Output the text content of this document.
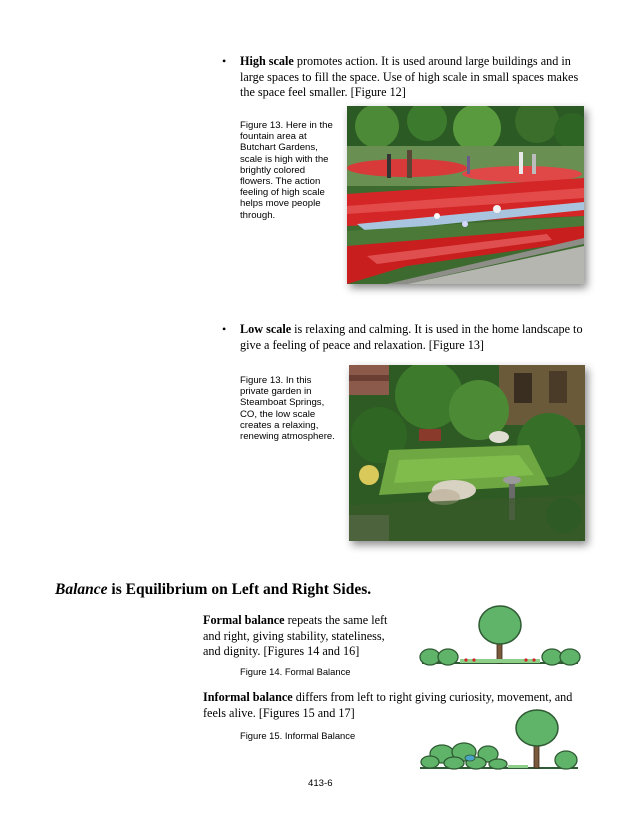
• High scale promotes action. It is used around large buildings and in large spaces to fill the space. Use of high scale in small spaces makes the space feel smaller. [Figure 12]
Figure 13. Here in the fountain area at Butchart Gardens, scale is high with the brightly colored flowers. The action feeling of high scale helps move people through.
• Low scale is relaxing and calming. It is used in the home landscape to give a feeling of peace and relaxation. [Figure 13]
Figure 13. In this private garden in Steamboat Springs, CO, the low scale creates a relaxing, renewing atmosphere.
Balance is Equilibrium on Left and Right Sides.
Formal balance repeats the same left and right, giving stability, stateliness, and dignity. [Figures 14 and 16]
Figure 14. Formal Balance
Informal balance differs from left to right giving curiosity, movement, and feels alive. [Figures 15 and 17]
Figure 15. Informal Balance
413-6
